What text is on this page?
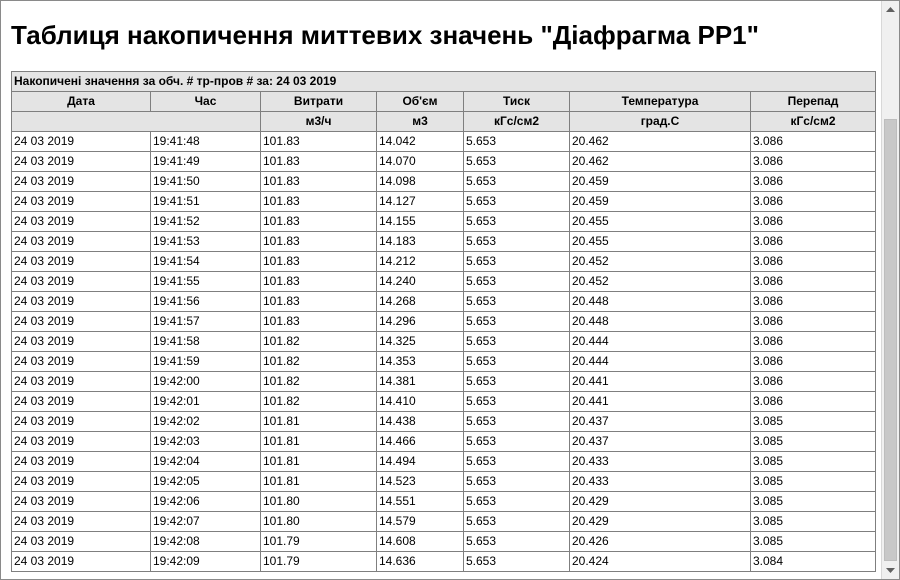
Таблиця накопичення миттевих значень "Діафрагма РР1"
Накопичені значення за обч. # тр-пров # за: 24 03 2019						
Дата	Час	Витрати	Об'єм	Тиск	Температура	Перепад
		м3/ч	м3	кГс/см2	град.С	кГс/см2
24 03 2019	19:41:48	101.83	14.042	5.653	20.462	3.086
24 03 2019	19:41:49	101.83	14.070	5.653	20.462	3.086
24 03 2019	19:41:50	101.83	14.098	5.653	20.459	3.086
24 03 2019	19:41:51	101.83	14.127	5.653	20.459	3.086
24 03 2019	19:41:52	101.83	14.155	5.653	20.455	3.086
24 03 2019	19:41:53	101.83	14.183	5.653	20.455	3.086
24 03 2019	19:41:54	101.83	14.212	5.653	20.452	3.086
24 03 2019	19:41:55	101.83	14.240	5.653	20.452	3.086
24 03 2019	19:41:56	101.83	14.268	5.653	20.448	3.086
24 03 2019	19:41:57	101.83	14.296	5.653	20.448	3.086
24 03 2019	19:41:58	101.82	14.325	5.653	20.444	3.086
24 03 2019	19:41:59	101.82	14.353	5.653	20.444	3.086
24 03 2019	19:42:00	101.82	14.381	5.653	20.441	3.086
24 03 2019	19:42:01	101.82	14.410	5.653	20.441	3.086
24 03 2019	19:42:02	101.81	14.438	5.653	20.437	3.085
24 03 2019	19:42:03	101.81	14.466	5.653	20.437	3.085
24 03 2019	19:42:04	101.81	14.494	5.653	20.433	3.085
24 03 2019	19:42:05	101.81	14.523	5.653	20.433	3.085
24 03 2019	19:42:06	101.80	14.551	5.653	20.429	3.085
24 03 2019	19:42:07	101.80	14.579	5.653	20.429	3.085
24 03 2019	19:42:08	101.79	14.608	5.653	20.426	3.085
24 03 2019	19:42:09	101.79	14.636	5.653	20.424	3.084
